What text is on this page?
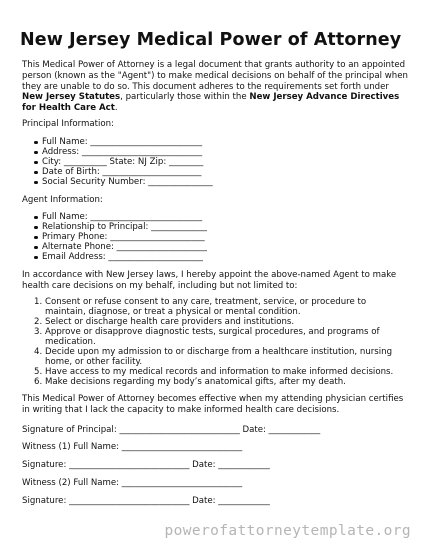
New Jersey Medical Power of Attorney

This Medical Power of Attorney is a legal document that grants authority to an appointed person (known as the "Agent") to make medical decisions on behalf of the principal when they are unable to do so. This document adheres to the requirements set forth under New Jersey Statutes, particularly those within the New Jersey Advance Directives for Health Care Act.

Principal Information:

Full Name: __________________________
Address: ____________________________
City: __________ State: NJ Zip: ________
Date of Birth: _______________________
Social Security Number: _______________

Agent Information:

Full Name: __________________________
Relationship to Principal: _____________
Primary Phone: ______________________
Alternate Phone: _____________________
Email Address: ______________________

In accordance with New Jersey laws, I hereby appoint the above-named Agent to make health care decisions on my behalf, including but not limited to:

1. Consent or refuse consent to any care, treatment, service, or procedure to maintain, diagnose, or treat a physical or mental condition.
2. Select or discharge health care providers and institutions.
3. Approve or disapprove diagnostic tests, surgical procedures, and programs of medication.
4. Decide upon my admission to or discharge from a healthcare institution, nursing home, or other facility.
5. Have access to my medical records and information to make informed decisions.
6. Make decisions regarding my body’s anatomical gifts, after my death.

This Medical Power of Attorney becomes effective when my attending physician certifies in writing that I lack the capacity to make informed health care decisions.

Signature of Principal: ____________________________ Date: ____________

Witness (1) Full Name: ____________________________

Signature: ____________________________ Date: ____________

Witness (2) Full Name: ____________________________

Signature: ____________________________ Date: ____________

powerofattorneytemplate.org
